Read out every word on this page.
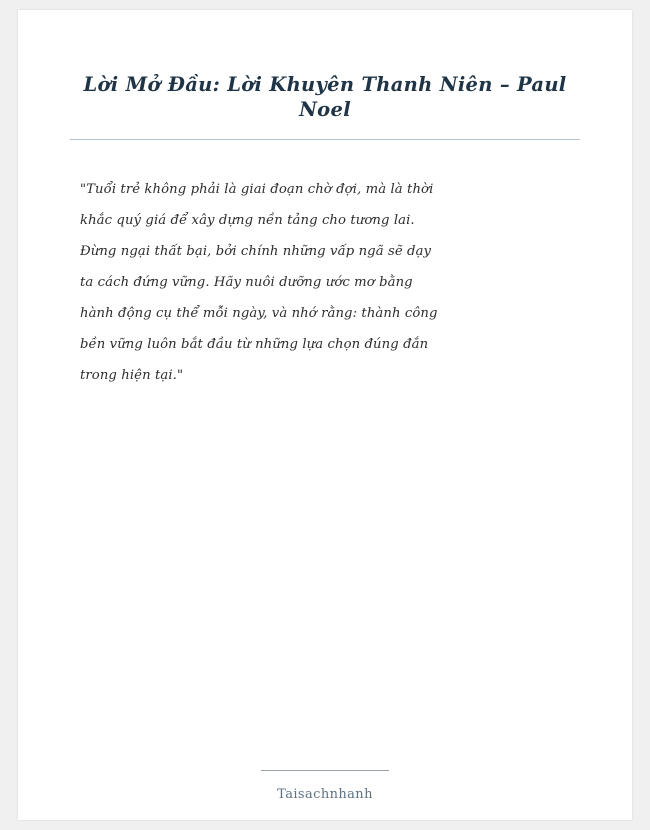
Lời Mở Đầu: Lời Khuyên Thanh Niên – Paul Noel

"Tuổi trẻ không phải là giai đoạn chờ đợi, mà là thời khắc quý giá để xây dựng nền tảng cho tương lai. Đừng ngại thất bại, bởi chính những vấp ngã sẽ dạy ta cách đứng vững. Hãy nuôi dưỡng ước mơ bằng hành động cụ thể mỗi ngày, và nhớ rằng: thành công bền vững luôn bắt đầu từ những lựa chọn đúng đắn trong hiện tại."

Taisachnhanh
